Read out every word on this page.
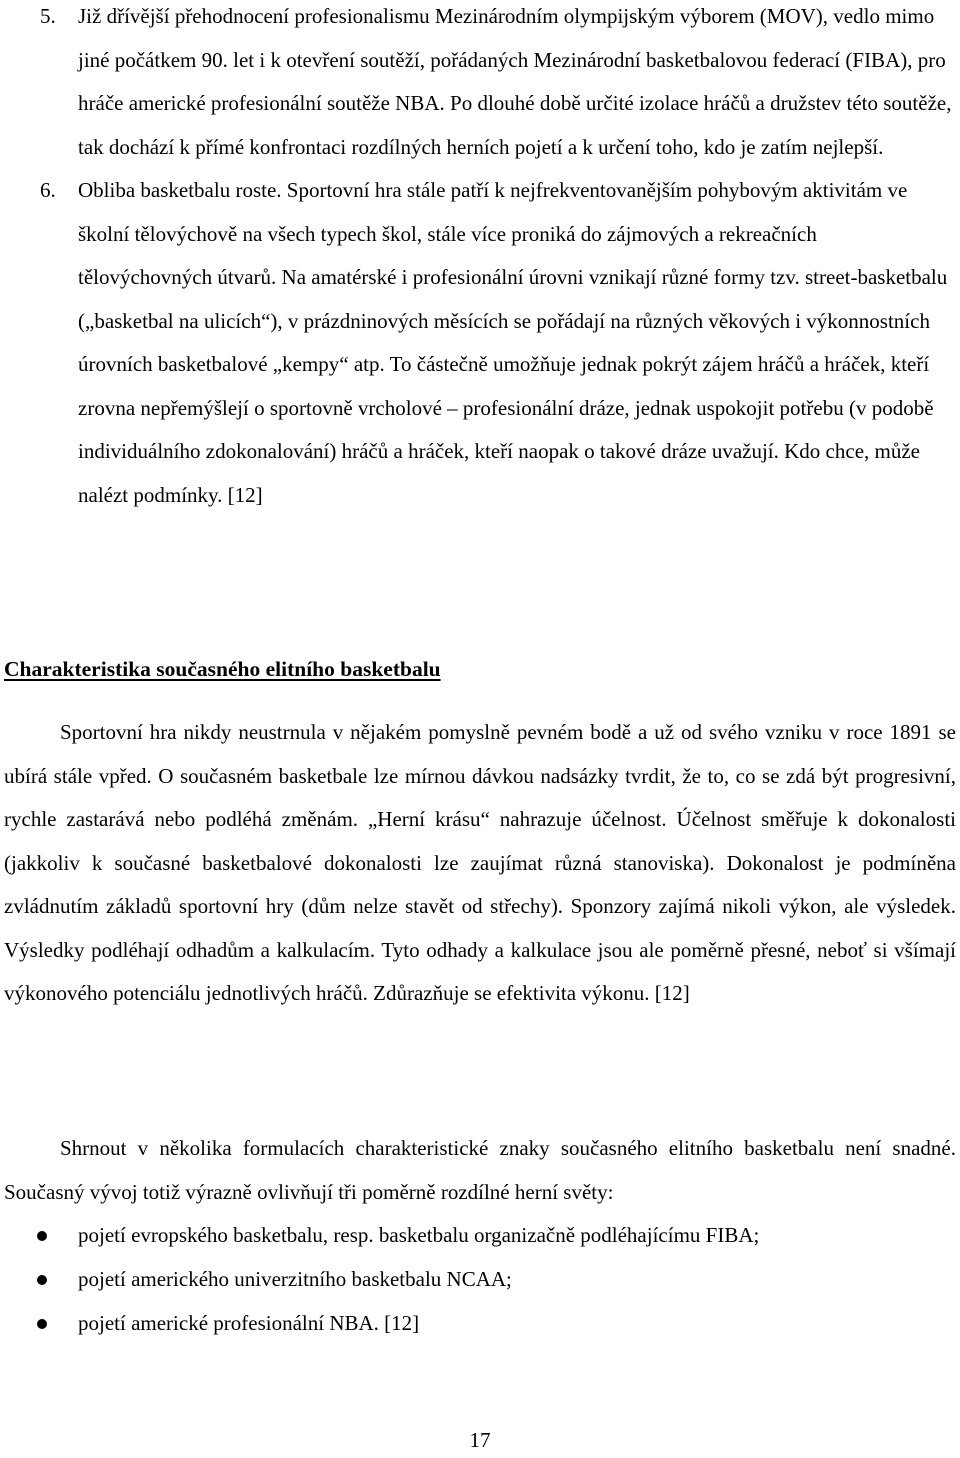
5. Již dřívější přehodnocení profesionalismu Mezinárodním olympijským výborem (MOV), vedlo mimo jiné počátkem 90. let i k otevření soutěží, pořádaných Mezinárodní basketbalovou federací (FIBA), pro hráče americké profesionální soutěže NBA. Po dlouhé době určité izolace hráčů a družstev této soutěže, tak dochází k přímé konfrontaci rozdílných herních pojetí a k určení toho, kdo je zatím nejlepší.
6. Obliba basketbalu roste. Sportovní hra stále patří k nejfrekventovanějším pohybovým aktivitám ve školní tělovýchově na všech typech škol, stále více proniká do zájmových a rekreačních tělovýchovných útvarů. Na amatérské i profesionální úrovni vznikají různé formy tzv. street-basketbalu („basketbal na ulicích“), v prázdninových měsících se pořádají na různých věkových i výkonnostních úrovních basketbalové „kempy“ atp. To částečně umožňuje jednak pokrýt zájem hráčů a hráček, kteří zrovna nepřemýšlejí o sportovně vrcholové – profesionální dráze, jednak uspokojit potřebu (v podobě individuálního zdokonalování) hráčů a hráček, kteří naopak o takové dráze uvažují. Kdo chce, může nalézt podmínky. [12]
Charakteristika současného elitního basketbalu

Sportovní hra nikdy neustrnula v nějakém pomyslně pevném bodě a už od svého vzniku v roce 1891 se ubírá stále vpřed. O současném basketbale lze mírnou dávkou nadsázky tvrdit, že to, co se zdá být progresivní, rychle zastarává nebo podléhá změnám. „Herní krásu“ nahrazuje účelnost. Účelnost směřuje k dokonalosti (jakkoliv k současné basketbalové dokonalosti lze zaujímat různá stanoviska). Dokonalost je podmíněna zvládnutím základů sportovní hry (dům nelze stavět od střechy). Sponzory zajímá nikoli výkon, ale výsledek. Výsledky podléhají odhadům a kalkulacím. Tyto odhady a kalkulace jsou ale poměrně přesné, neboť si všímají výkonového potenciálu jednotlivých hráčů. Zdůrazňuje se efektivita výkonu. [12]

Shrnout v několika formulacích charakteristické znaky současného elitního basketbalu není snadné. Současný vývoj totiž výrazně ovlivňují tři poměrně rozdílné herní světy:

pojetí evropského basketbalu, resp. basketbalu organizačně podléhajícímu FIBA;
pojetí amerického univerzitního basketbalu NCAA;
pojetí americké profesionální NBA. [12]
17
